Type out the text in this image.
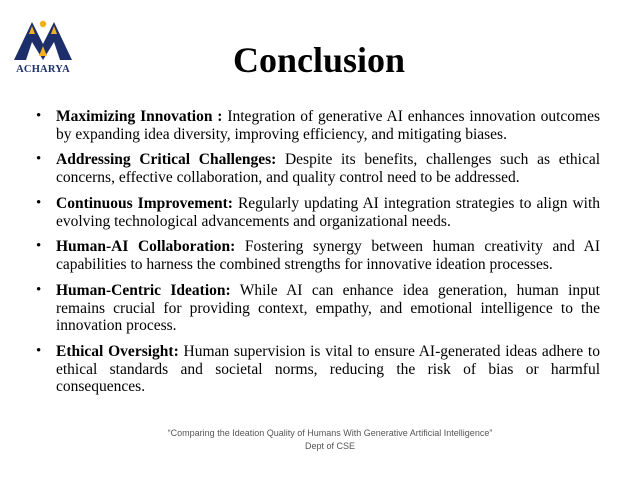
ACHARYA	Conclusion
• Maximizing Innovation : Integration of generative AI enhances innovation outcomes by expanding idea diversity, improving efficiency, and mitigating biases.
• Addressing Critical Challenges: Despite its benefits, challenges such as ethical concerns, effective collaboration, and quality control need to be addressed.
• Continuous Improvement: Regularly updating AI integration strategies to align with evolving technological advancements and organizational needs.
• Human-AI Collaboration: Fostering synergy between human creativity and AI capabilities to harness the combined strengths for innovative ideation processes.
• Human-Centric Ideation: While AI can enhance idea generation, human input remains crucial for providing context, empathy, and emotional intelligence to the innovation process.
• Ethical Oversight: Human supervision is vital to ensure AI-generated ideas adhere to ethical standards and societal norms, reducing the risk of bias or harmful consequences.
“Comparing the Ideation Quality of Humans With Generative Artificial Intelligence”
Dept of CSE
